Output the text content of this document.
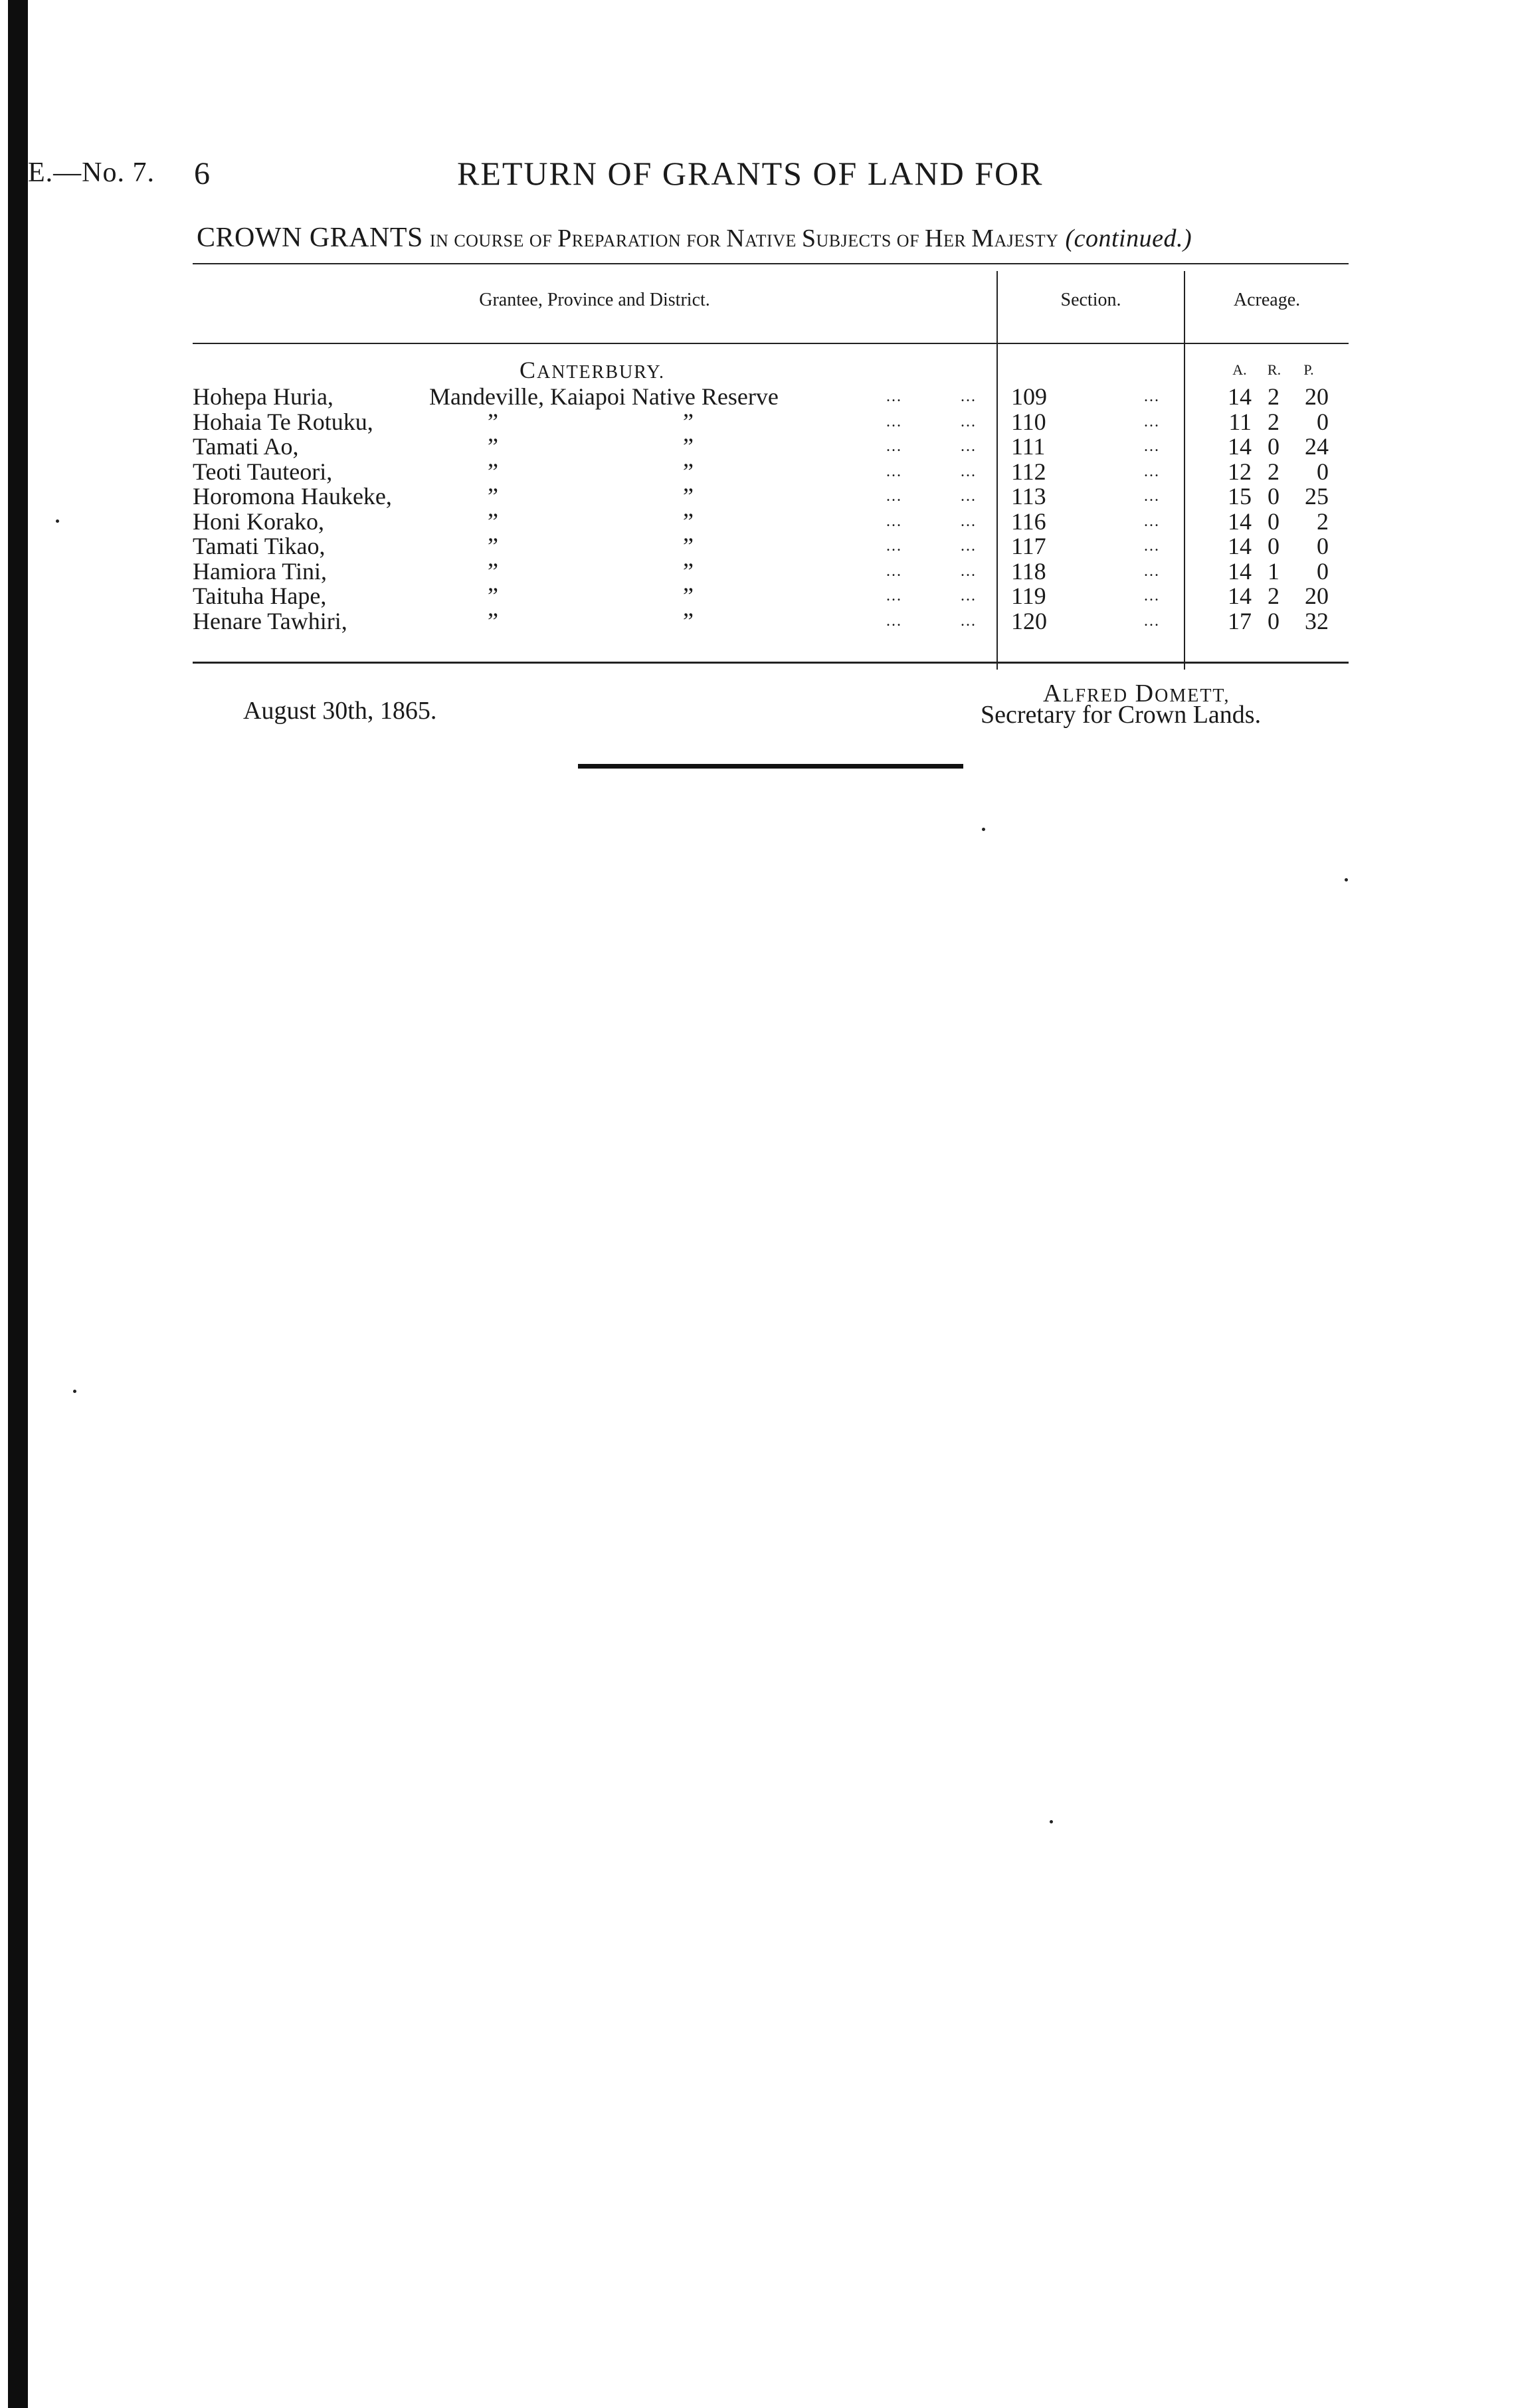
E.—No. 7. 6	RETURN OF GRANTS OF LAND FOR
CROWN GRANTS IN COURSE OF PREPARATION FOR NATIVE SUBJECTS OF HER MAJESTY (continued.)
Grantee, Province and District.	Section.	Acreage.
CANTERBURY.	A.	R.	P.
Hohepa Huria,	Mandeville, Kaiapoi Native Reserve	...	... 109	...	14 2	20
Hohaia Te Rotuku,	”	”	...	... 110	...	11 2	0
Tamati Ao,	”	”	...	... 111	...	14 0	24
Teoti Tauteori,	”	”	...	... 112	...	12 2	0
Horomona Haukeke,	”	”	...	... 113	...	15 0	25
Honi Korako,	”	”	...	... 116	...	14 0	2
Tamati Tikao,	”	”	...	... 117	...	14 0	0
Hamiora Tini,	”	”	...	... 118	...	14 1	0
Taituha Hape,	”	”	...	... 119	...	14 2	20
Henare Tawhiri,	”	”	...	... 120	...	17 0	32
August 30th, 1865.
ALFRED DOMETT,
Secretary for Crown Lands.
